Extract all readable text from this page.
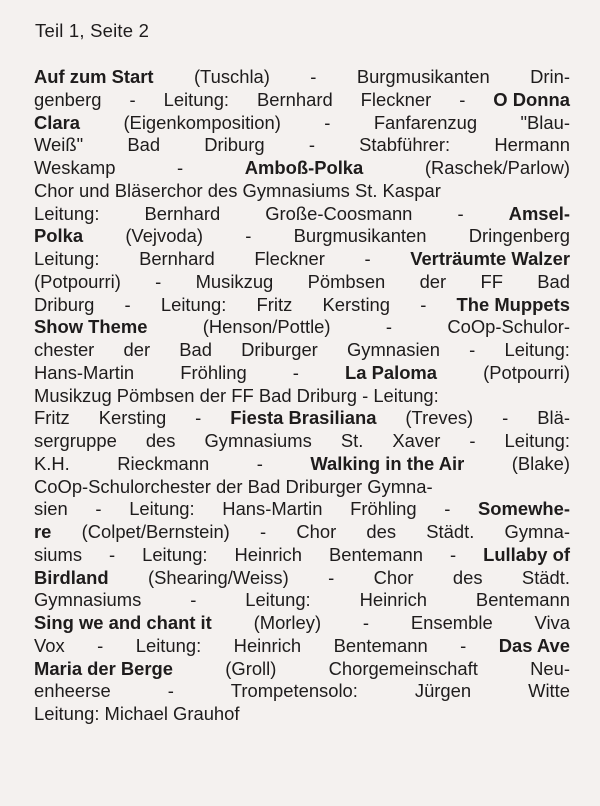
Teil 1, Seite 2
Auf zum Start (Tuschla) - Burgmusikanten Drin-
genberg - Leitung: Bernhard Fleckner - O Donna
Clara (Eigenkomposition) - Fanfarenzug "Blau-
Weiß" Bad Driburg - Stabführer: Hermann
Weskamp	-	Amboß-Polka	(Raschek/Parlow)
Chor und Bläserchor des Gymnasiums St. Kaspar
Leitung: Bernhard Große-Coosmann - Amsel-
Polka (Vejvoda) - Burgmusikanten Dringenberg
Leitung: Bernhard Fleckner - Verträumte Walzer
(Potpourri) - Musikzug Pömbsen der FF Bad
Driburg - Leitung: Fritz Kersting - The Muppets
Show Theme	(Henson/Pottle)	-	CoOp-Schulor-
chester der Bad Driburger Gymnasien - Leitung:
Hans-Martin	Fröhling	-	La Paloma	(Potpourri)
Musikzug Pömbsen der FF Bad Driburg - Leitung:
Fritz Kersting - Fiesta Brasiliana (Treves) - Blä-
sergruppe des Gymnasiums St. Xaver - Leitung:
K.H.	Rieckmann	-	Walking in the Air	(Blake)
CoOp-Schulorchester der Bad Driburger Gymna-
sien - Leitung: Hans-Martin Fröhling - Somewhe-
re (Colpet/Bernstein) - Chor des Städt. Gymna-
siums - Leitung: Heinrich Bentemann - Lullaby of
Birdland (Shearing/Weiss) - Chor des Städt.
Gymnasiums	-	Leitung:	Heinrich	Bentemann
Sing we and chant it (Morley) - Ensemble Viva
Vox - Leitung: Heinrich Bentemann - Das Ave
Maria der Berge	(Groll)	Chorgemeinschaft	Neu-
enheerse	-	Trompetensolo:	Jürgen	Witte
Leitung: Michael Grauhof
